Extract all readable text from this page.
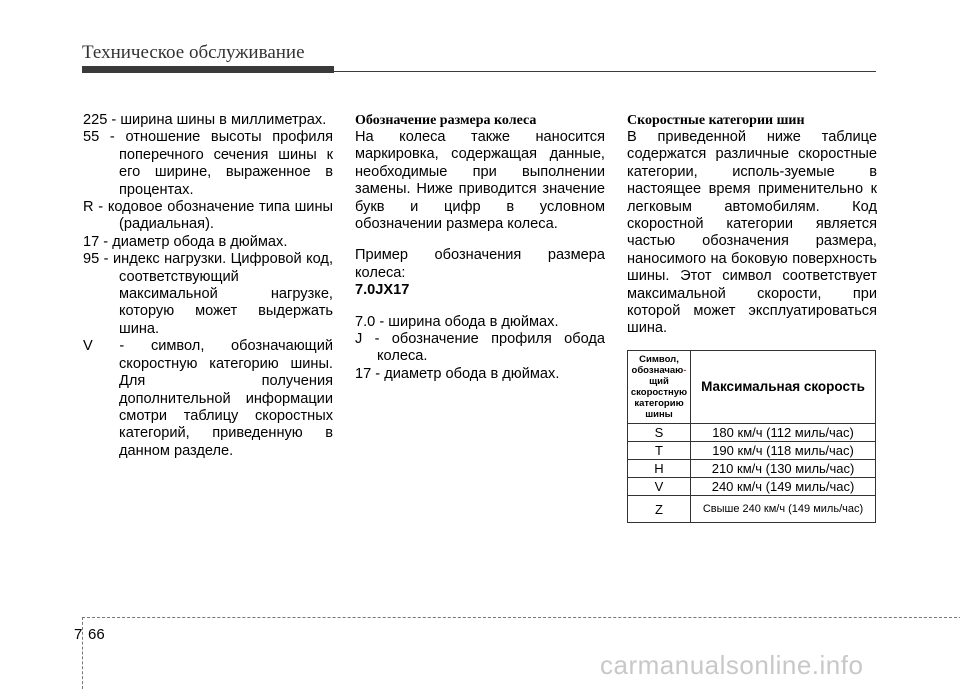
Техническое обслуживание
225 - ширина шины в миллиметрах.
55 - отношение высоты профиля поперечного сечения шины к его ширине, выраженное в процентах.
R - кодовое обозначение типа шины (радиальная).
17 - диаметр обода в дюймах.
95 - индекс нагрузки. Цифровой код, соответствующий максимальной нагрузке, которую может выдержать шина.
V - символ, обозначающий скоростную категорию шины. Для получения дополнительной информации смотри таблицу скоростных категорий, приведенную в данном разделе.
Обозначение размера колеса
На колеса также наносится маркировка, содержащая данные, необходимые при выполнении замены. Ниже приводится значение букв и цифр в условном обозначении размера колеса.
Пример обозначения размера колеса:
7.0JX17
7.0 - ширина обода в дюймах.
J - обозначение профиля обода колеса.
17 - диаметр обода в дюймах.
Скоростные категории шин
В приведенной ниже таблице содержатся различные скоростные категории, исполь-зуемые в настоящее время применительно к легковым автомобилям. Код скоростной категории является частью обозначения размера, наносимого на боковую поверхность шины. Этот символ соответствует максимальной скорости, при которой может эксплуатироваться шина.
Символ, обозначаю-
щий скоростную категорию шины	Максимальная скорость
S	180 км/ч (112 миль/час)
T	190 км/ч (118 миль/час)
H	210 км/ч (130 миль/час)
V	240 км/ч (149 миль/час)
Z	Свыше 240 км/ч (149 миль/час)
7 66
carmanualsonline.info
